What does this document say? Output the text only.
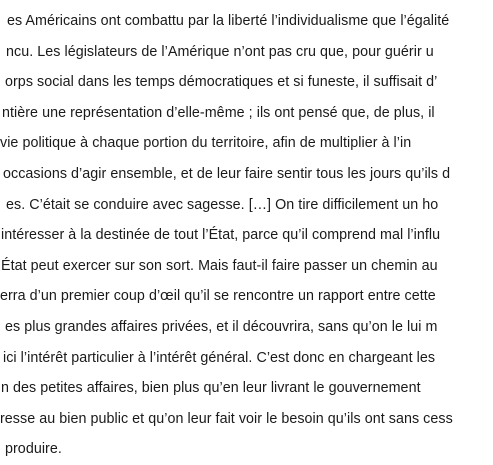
es Américains ont combattu par la liberté l’individualisme que l’égalité
ncu. Les législateurs de l’Amérique n’ont pas cru que, pour guérir u
orps social dans les temps démocratiques et si funeste, il suffisait d’
ntière une représentation d’elle-même ; ils ont pensé que, de plus, il
vie politique à chaque portion du territoire, afin de multiplier à l’in
occasions d’agir ensemble, et de leur faire sentir tous les jours qu’ils d
es. C’était se conduire avec sagesse. […] On tire difficilement un ho
intéresser à la destinée de tout l’État, parce qu’il comprend mal l’influ
État peut exercer sur son sort. Mais faut-il faire passer un chemin au
erra d’un premier coup d’œil qu’il se rencontre un rapport entre cette
es plus grandes affaires privées, et il découvrira, sans qu’on le lui m
ici l’intérêt particulier à l’intérêt général. C’est donc en chargeant les
n des petites affaires, bien plus qu’en leur livrant le gouvernement
resse au bien public et qu’on leur fait voir le besoin qu’ils ont sans cess
produire.
